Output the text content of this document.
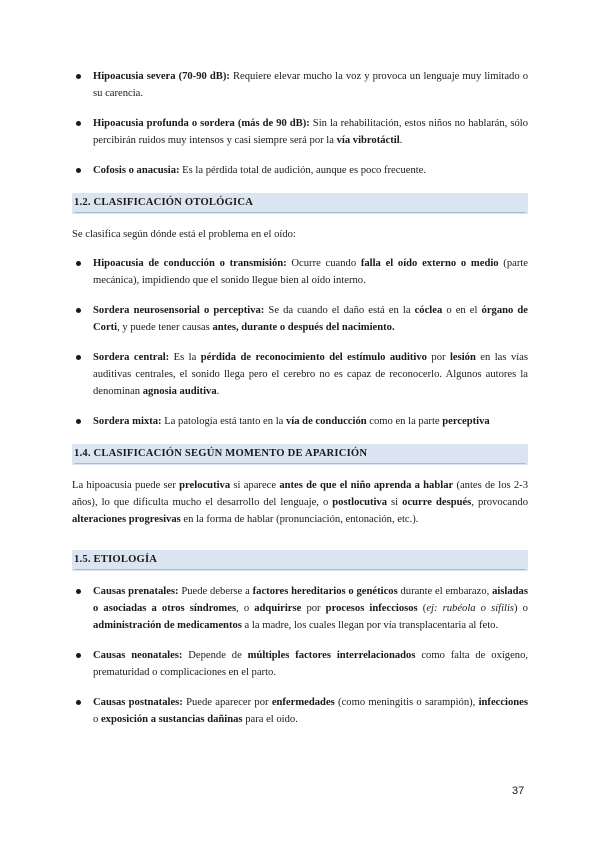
Hipoacusia severa (70-90 dB): Requiere elevar mucho la voz y provoca un lenguaje muy limitado o su carencia.
Hipoacusia profunda o sordera (más de 90 dB): Sin la rehabilitación, estos niños no hablarán, sólo percibirán ruidos muy intensos y casi siempre será por la vía vibrotáctil.
Cofosis o anacusia: Es la pérdida total de audición, aunque es poco frecuente.
1.2. CLASIFICACIÓN OTOLÓGICA

Se clasifica según dónde está el problema en el oído:

Hipoacusia de conducción o transmisión: Ocurre cuando falla el oído externo o medio (parte mecánica), impidiendo que el sonido llegue bien al oído interno.
Sordera neurosensorial o perceptiva: Se da cuando el daño está en la cóclea o en el órgano de Corti, y puede tener causas antes, durante o después del nacimiento.
Sordera central: Es la pérdida de reconocimiento del estímulo auditivo por lesión en las vías auditivas centrales, el sonido llega pero el cerebro no es capaz de reconocerlo. Algunos autores la denominan agnosia auditiva.
Sordera mixta: La patología está tanto en la vía de conducción como en la parte perceptiva
1.4. CLASIFICACIÓN SEGÚN MOMENTO DE APARICIÓN

La hipoacusia puede ser prelocutiva si aparece antes de que el niño aprenda a hablar (antes de los 2-3 años), lo que dificulta mucho el desarrollo del lenguaje, o postlocutiva si ocurre después, provocando alteraciones progresivas en la forma de hablar (pronunciación, entonación, etc.).

1.5. ETIOLOGÍA
Causas prenatales: Puede deberse a factores hereditarios o genéticos durante el embarazo, aisladas o asociadas a otros síndromes, o adquirirse por procesos infecciosos (ej: rubéola o sífilis) o administración de medicamentos a la madre, los cuales llegan por vía transplacentaria al feto.
Causas neonatales: Depende de múltiples factores interrelacionados como falta de oxígeno, prematuridad o complicaciones en el parto.
Causas postnatales: Puede aparecer por enfermedades (como meningitis o sarampión), infecciones o exposición a sustancias dañinas para el oído.
37
